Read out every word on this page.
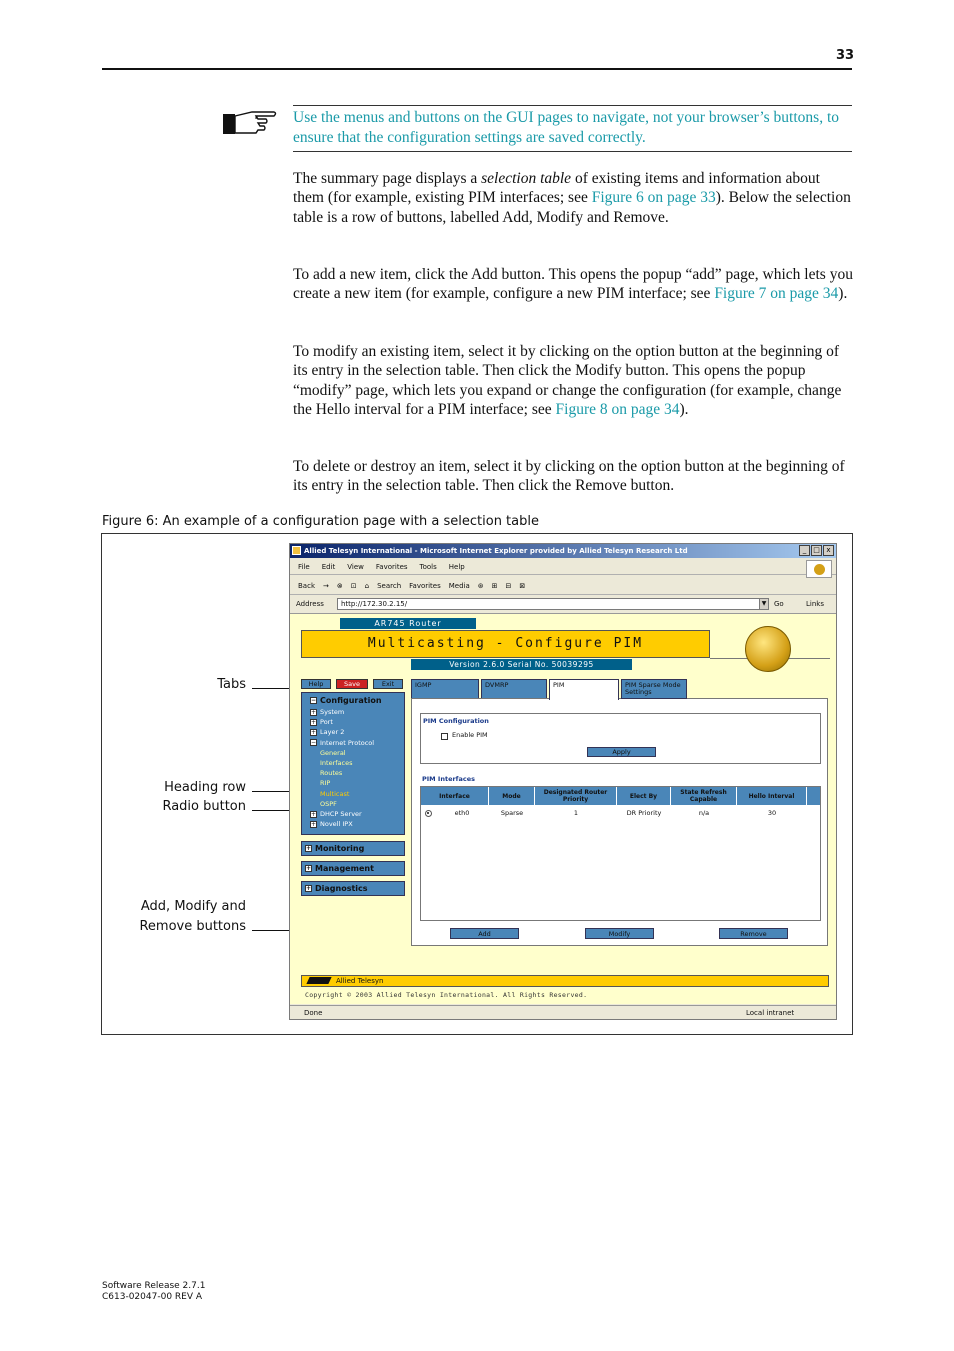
33
Use the menus and buttons on the GUI pages to navigate, not your browser’s buttons, to ensure that the configuration settings are saved correctly.
The summary page displays a selection table of existing items and information about them (for example, existing PIM interfaces; see Figure 6 on page 33). Below the selection table is a row of buttons, labelled Add, Modify and Remove.
To add a new item, click the Add button. This opens the popup “add” page, which lets you create a new item (for example, configure a new PIM interface; see Figure 7 on page 34).
To modify an existing item, select it by clicking on the option button at the beginning of its entry in the selection table. Then click the Modify button. This opens the popup “modify” page, which lets you expand or change the configuration (for example, change the Hello interval for a PIM interface; see Figure 8 on page 34).
To delete or destroy an item, select it by clicking on the option button at the beginning of its entry in the selection table. Then click the Remove button.
Figure 6: An example of a configuration page with a selection table
Tabs
Heading row
Radio button
Add, Modify and
Remove buttons
Allied Telesyn International - Microsoft Internet Explorer provided by Allied Telesyn Research Ltd	_ □ x
File Edit View Favorites Tools Help
Back → ⊗ ⊡ ⌂ Search Favorites Media ⊛ ⊞ ⊟ ⊠
Address	http://172.30.2.15/	▼	Go	Links
AR745 Router
Multicasting - Configure PIM
Version 2.6.0 Serial No. 50039295
Help	Save	Exit
− Configuration
+ System
+ Port
+ Layer 2
− Internet Protocol
General
Interfaces
Routes
RIP
Multicast
OSPF
+ DHCP Server
+ Novell IPX
+ Monitoring
+ Management
+ Diagnostics
IGMP	DVMRP
PIM Configuration
Enable PIM
Apply
PIM Interfaces
Interface	Mode	Designated Router Priority	Elect By	State Refresh Capable	Hello Interval
eth0	Sparse	1	DR Priority	n/a	30
Add	Modify	Remove
PIM	PIM Sparse Mode Settings
Allied Telesyn
Copyright © 2003 Allied Telesyn International. All Rights Reserved.
Done	Local intranet
Software Release 2.7.1
C613-02047-00 REV A
